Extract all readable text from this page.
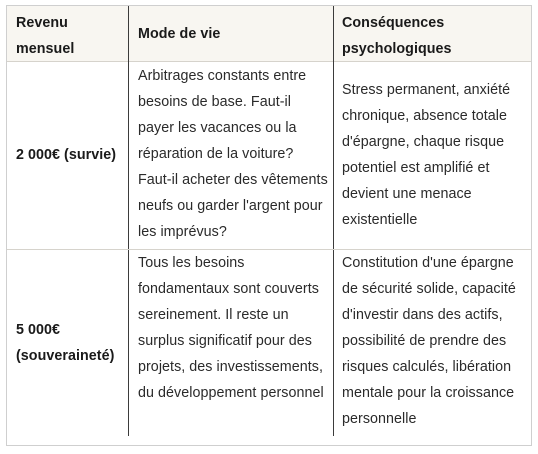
Revenu mensuel
Mode de vie
Conséquences psychologiques
2 000€ (survie)
Arbitrages constants entre besoins de base. Faut-il payer les vacances ou la réparation de la voiture? Faut-il acheter des vêtements neufs ou garder l'argent pour les imprévus?
Stress permanent, anxiété chronique, absence totale d'épargne, chaque risque potentiel est amplifié et devient une menace existentielle
5 000€ (souveraineté)
Tous les besoins fondamentaux sont couverts sereinement. Il reste un surplus significatif pour des projets, des investissements, du développement personnel
Constitution d'une épargne de sécurité solide, capacité d'investir dans des actifs, possibilité de prendre des risques calculés, libération mentale pour la croissance personnelle
